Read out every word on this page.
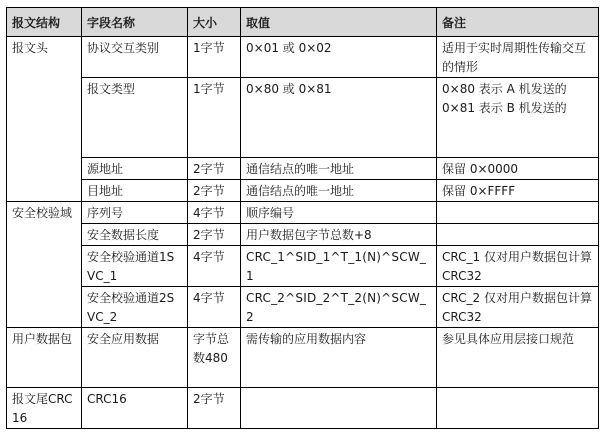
报文结构	字段名称	大小	取值	备注
报文头	协议交互类别	1字节	0×01 或 0×02	适用于实时周期性传输交互的情形
	报文类型	1字节	0×80 或 0×81	0×80 表示 A 机发送的
0×81 表示 B 机发送的

	源地址	2字节	通信结点的唯一地址	保留 0×0000
	目地址	2字节	通信结点的唯一地址	保留 0×FFFF
安全校验域	序列号	4字节	顺序编号	
	安全数据长度	2字节	用户数据包字节总数+8	
	安全校验通道1SVC_1	4字节	CRC_1^SID_1^T_1(N)^SCW_1	CRC_1 仅对用户数据包计算 CRC32
	安全校验通道2SVC_2	4字节	CRC_2^SID_2^T_2(N)^SCW_2	CRC_2 仅对用户数据包计算 CRC32
用户数据包	安全应用数据	字节总数480	需传输的应用数据内容	参见具体应用层接口规范
报文尾CRC16	CRC16	2字节		
